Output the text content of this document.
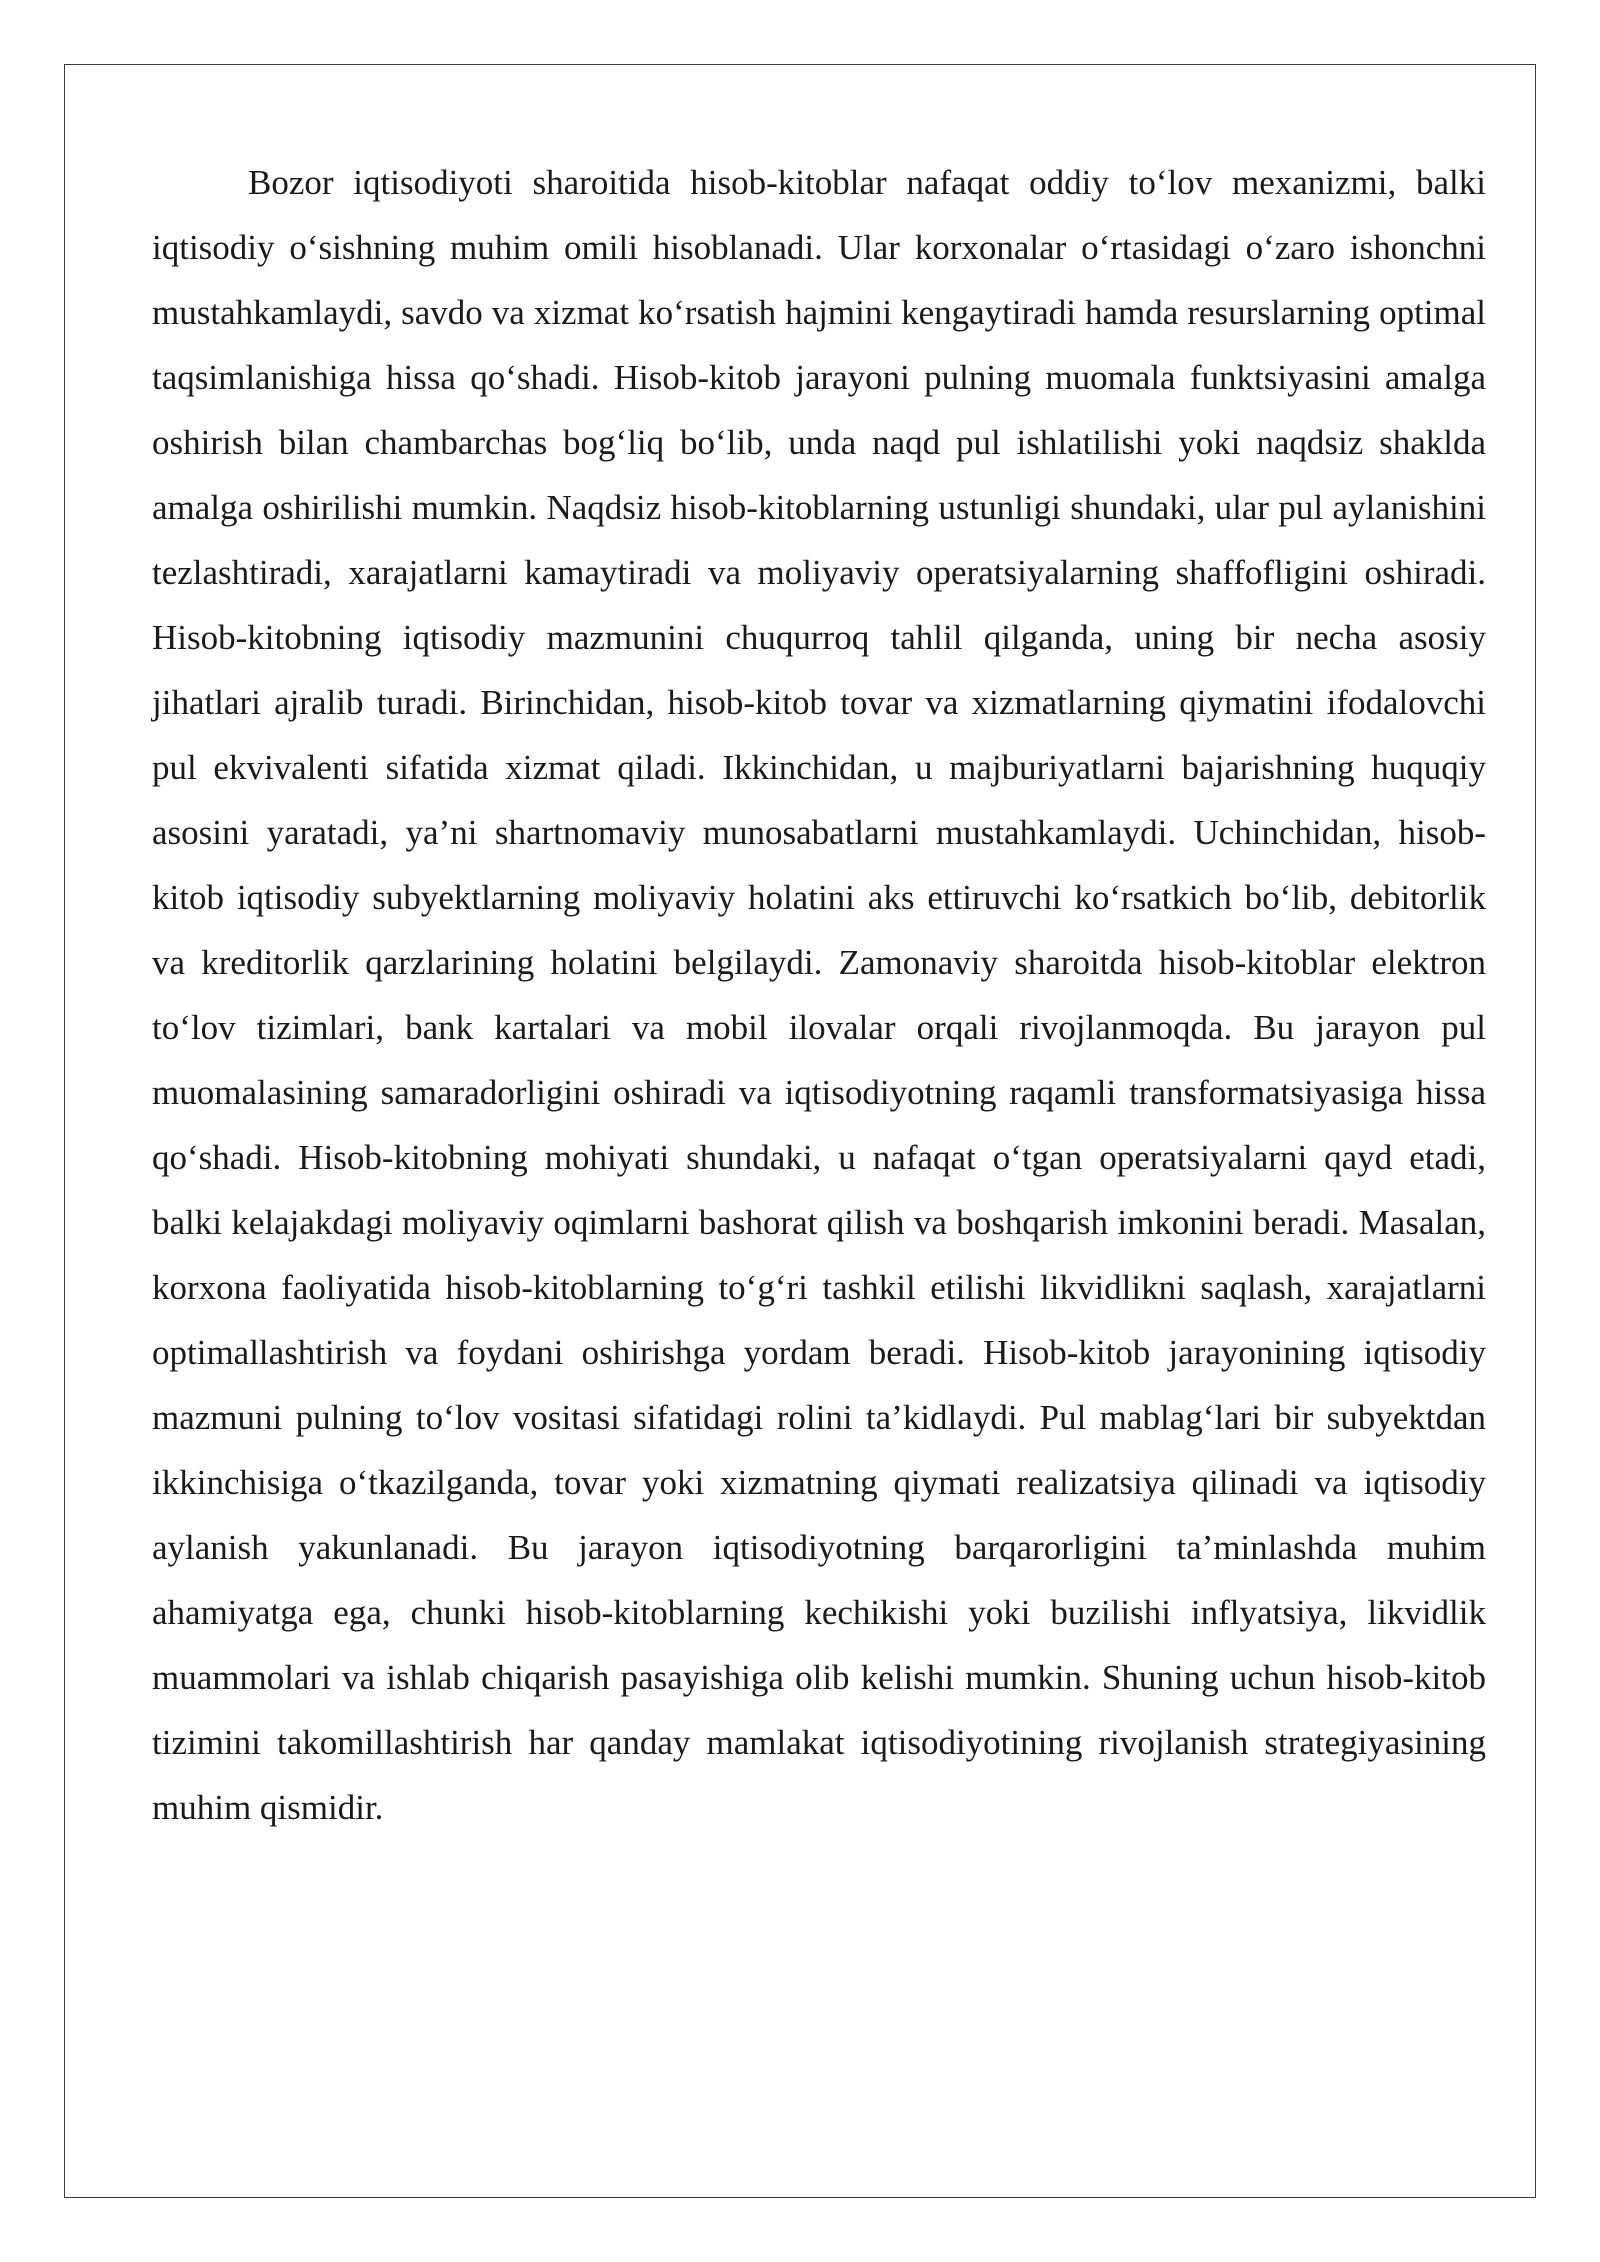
Bozor iqtisodiyoti sharoitida hisob-kitoblar nafaqat oddiy to‘lov mexanizmi, balki iqtisodiy o‘sishning muhim omili hisoblanadi. Ular korxonalar o‘rtasidagi o‘zaro ishonchni mustahkamlaydi, savdo va xizmat ko‘rsatish hajmini kengaytiradi hamda resurslarning optimal taqsimlanishiga hissa qo‘shadi. Hisob-kitob jarayoni pulning muomala funktsiyasini amalga oshirish bilan chambarchas bog‘liq bo‘lib, unda naqd pul ishlatilishi yoki naqdsiz shaklda amalga oshirilishi mumkin. Naqdsiz hisob-kitoblarning ustunligi shundaki, ular pul aylanishini tezlashtiradi, xarajatlarni kamaytiradi va moliyaviy operatsiyalarning shaffofligini oshiradi. Hisob-kitobning iqtisodiy mazmunini chuqurroq tahlil qilganda, uning bir necha asosiy jihatlari ajralib turadi. Birinchidan, hisob-kitob tovar va xizmatlarning qiymatini ifodalovchi pul ekvivalenti sifatida xizmat qiladi. Ikkinchidan, u majburiyatlarni bajarishning huquqiy asosini yaratadi, ya’ni shartnomaviy munosabatlarni mustahkamlaydi. Uchinchidan, hisob-kitob iqtisodiy subyektlarning moliyaviy holatini aks ettiruvchi ko‘rsatkich bo‘lib, debitorlik va kreditorlik qarzlarining holatini belgilaydi. Zamonaviy sharoitda hisob-kitoblar elektron to‘lov tizimlari, bank kartalari va mobil ilovalar orqali rivojlanmoqda. Bu jarayon pul muomalasining samaradorligini oshiradi va iqtisodiyotning raqamli transformatsiyasiga hissa qo‘shadi. Hisob-kitobning mohiyati shundaki, u nafaqat o‘tgan operatsiyalarni qayd etadi, balki kelajakdagi moliyaviy oqimlarni bashorat qilish va boshqarish imkonini beradi. Masalan, korxona faoliyatida hisob-kitoblarning to‘g‘ri tashkil etilishi likvidlikni saqlash, xarajatlarni optimallashtirish va foydani oshirishga yordam beradi. Hisob-kitob jarayonining iqtisodiy mazmuni pulning to‘lov vositasi sifatidagi rolini ta’kidlaydi. Pul mablag‘lari bir subyektdan ikkinchisiga o‘tkazilganda, tovar yoki xizmatning qiymati realizatsiya qilinadi va iqtisodiy aylanish yakunlanadi. Bu jarayon iqtisodiyotning barqarorligini ta’minlashda muhim ahamiyatga ega, chunki hisob-kitoblarning kechikishi yoki buzilishi inflyatsiya, likvidlik muammolari va ishlab chiqarish pasayishiga olib kelishi mumkin. Shuning uchun hisob-kitob tizimini takomillashtirish har qanday mamlakat iqtisodiyotining rivojlanish strategiyasining muhim qismidir.
